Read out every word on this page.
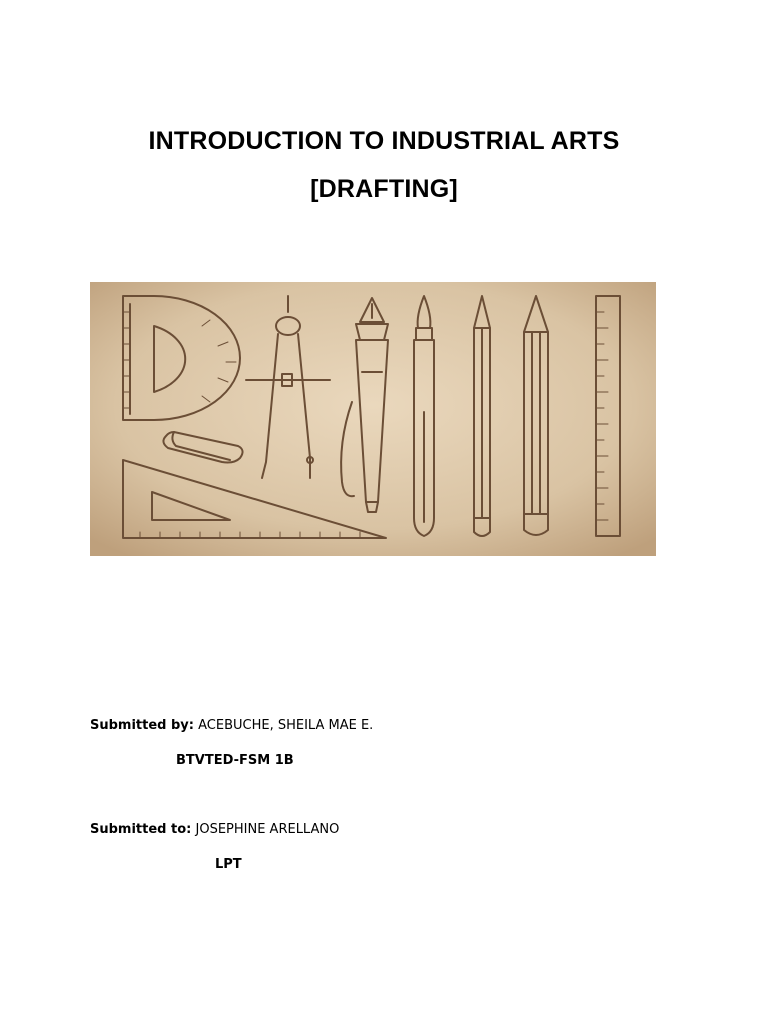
INTRODUCTION TO INDUSTRIAL ARTS
[DRAFTING]
Submitted by: ACEBUCHE, SHEILA MAE E.
BTVTED-FSM 1B
Submitted to: JOSEPHINE ARELLANO
LPT
